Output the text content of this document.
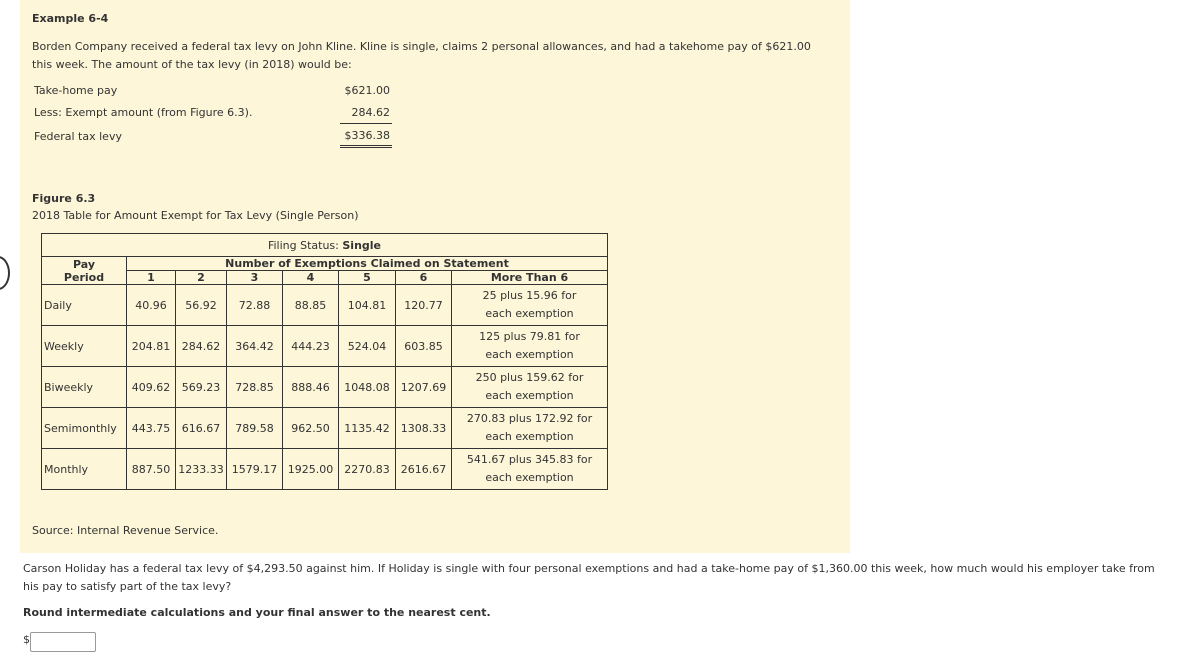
Example 6-4
Borden Company received a federal tax levy on John Kline. Kline is single, claims 2 personal allowances, and had a takehome pay of $621.00 this week. The amount of the tax levy (in 2018) would be:
Take-home pay	$621.00
Less: Exempt amount (from Figure 6.3).	284.62
Federal tax levy	$336.38
Figure 6.3
2018 Table for Amount Exempt for Tax Levy (Single Person)
Filing Status: Single							
Pay
Period	Number of Exemptions Claimed on Statement						
	1	2	3	4	5	6	More Than 6
Daily	40.96	56.92	72.88	88.85	104.81	120.77	25 plus 15.96 for
each exemption
Weekly	204.81	284.62	364.42	444.23	524.04	603.85	125 plus 79.81 for
each exemption
Biweekly	409.62	569.23	728.85	888.46	1048.08	1207.69	250 plus 159.62 for
each exemption
Semimonthly	443.75	616.67	789.58	962.50	1135.42	1308.33	270.83 plus 172.92 for
each exemption
Monthly	887.50	1233.33	1579.17	1925.00	2270.83	2616.67	541.67 plus 345.83 for
each exemption
Source: Internal Revenue Service.
Carson Holiday has a federal tax levy of $4,293.50 against him. If Holiday is single with four personal exemptions and had a take-home pay of $1,360.00 this week, how much would his employer take from his pay to satisfy part of the tax levy?
Round intermediate calculations and your final answer to the nearest cent.
$
